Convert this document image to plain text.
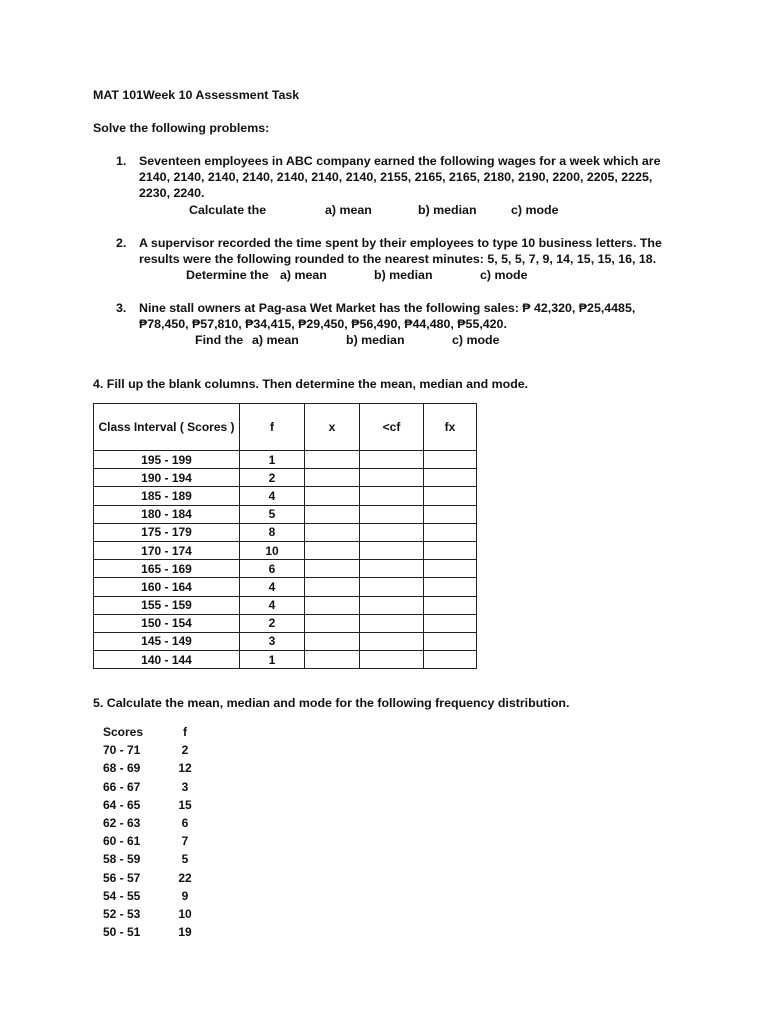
MAT 101Week 10 Assessment Task
Solve the following problems:
1. Seventeen employees in ABC company earned the following wages for a week which are
2140, 2140, 2140, 2140, 2140, 2140, 2140, 2155, 2165, 2165, 2180, 2190, 2200, 2205, 2225,
2230, 2240.
Calculate the	a) mean	b) median	c) mode
2. A supervisor recorded the time spent by their employees to type 10 business letters. The
results were the following rounded to the nearest minutes: 5, 5, 5, 7, 9, 14, 15, 15, 16, 18.
Determine the a) mean	b) median	c) mode
3. Nine stall owners at Pag-asa Wet Market has the following sales: ₱ 42,320, ₱25,4485,
₱78,450, ₱57,810, ₱34,415, ₱29,450, ₱56,490, ₱44,480, ₱55,420.
Find the a) mean	b) median	c) mode
4. Fill up the blank columns. Then determine the mean, median and mode.
Class Interval ( Scores )	f	x	<cf	fx
195 - 199	1			
190 - 194	2			
185 - 189	4			
180 - 184	5			
175 - 179	8			
170 - 174	10			
165 - 169	6			
160 - 164	4			
155 - 159	4			
150 - 154	2			
145 - 149	3			
140 - 144	1			
5. Calculate the mean, median and mode for the following frequency distribution.
Scores	f
70 - 71	2
68 - 69	12
66 - 67	3
64 - 65	15
62 - 63	6
60 - 61	7
58 - 59	5
56 - 57	22
54 - 55	9
52 - 53	10
50 - 51	19
